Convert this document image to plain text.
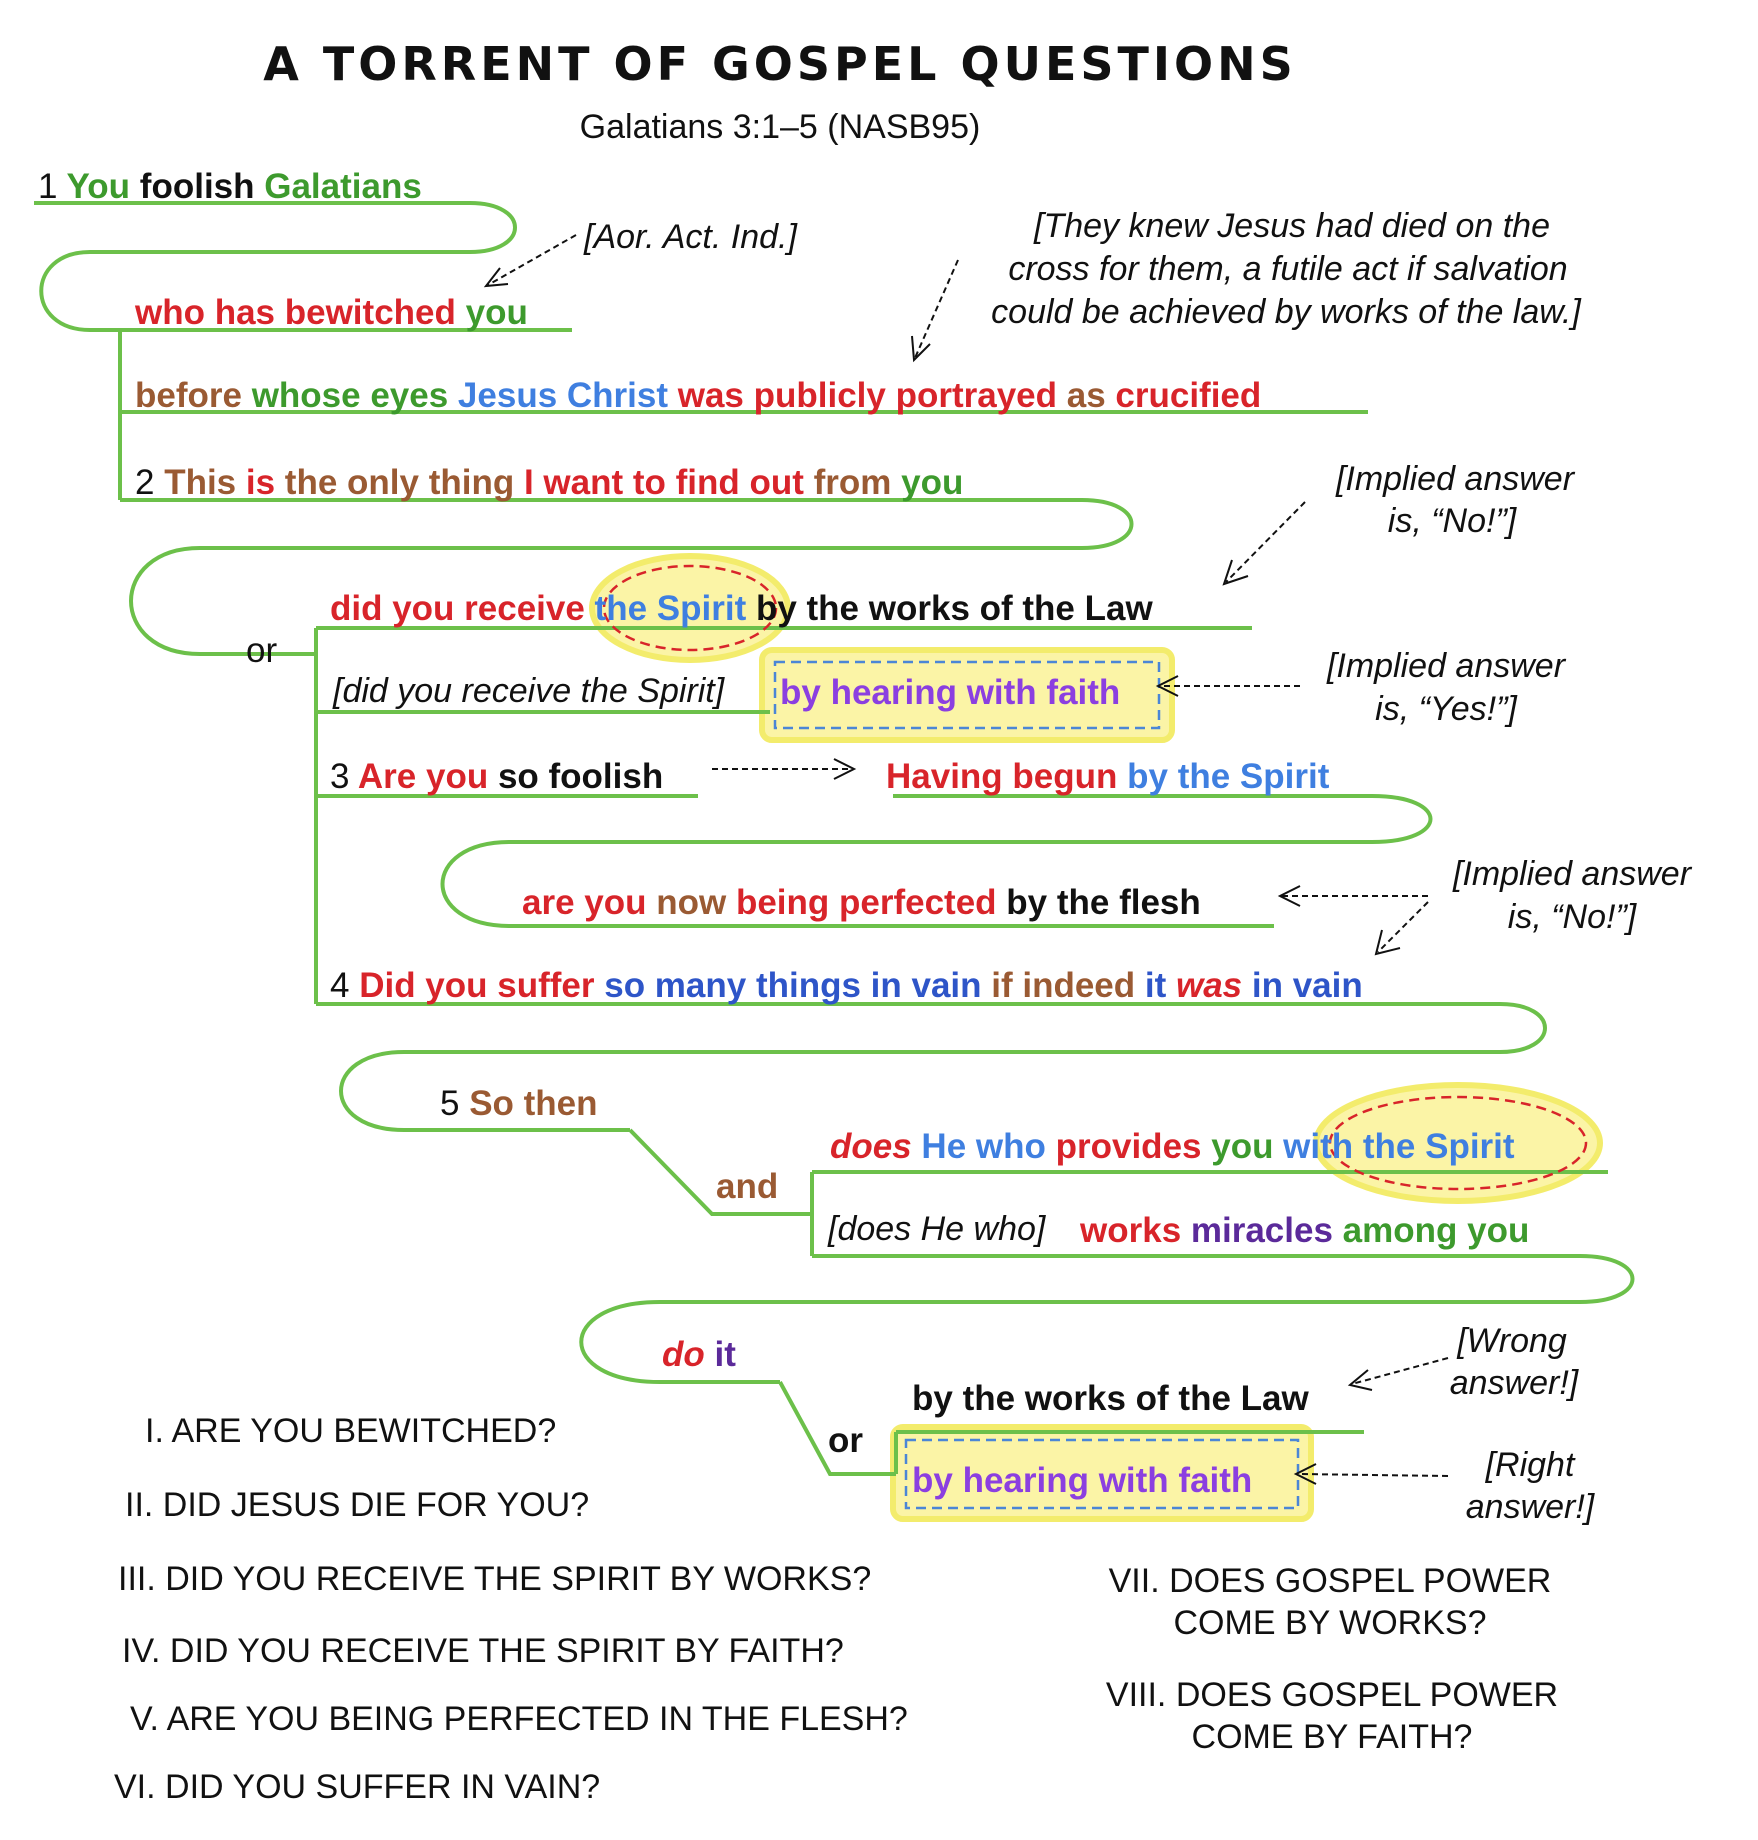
A TORRENT OF GOSPEL QUESTIONS
Galatians 3:1–5 (NASB95)
1 You foolish Galatians
who has bewitched you
before whose eyes Jesus Christ was publicly portrayed as crucified
2 This is the only thing I want to find out from you
or
did you receive the Spirit by the works of the Law
[did you receive the Spirit] by hearing with faith
3 Are you so foolish	Having begun by the Spirit
are you now being perfected by the flesh
4 Did you suffer so many things in vain if indeed it was in vain
5 So then
and
does He who provides you with the Spirit
[does He who] works miracles among you
do it
or
by the works of the Law
by hearing with faith
[Aor. Act. Ind.]	[They knew Jesus had died on the
cross for them, a futile act if salvation
could be achieved by works of the law.]
[Implied answer
is, “No!”]
[Implied answer
is, “Yes!”]
[Implied answer
is, “No!”]
[Wrong
answer!]
[Right
answer!]
I. ARE YOU BEWITCHED?
II. DID JESUS DIE FOR YOU?
III. DID YOU RECEIVE THE SPIRIT BY WORKS?
IV. DID YOU RECEIVE THE SPIRIT BY FAITH?
V. ARE YOU BEING PERFECTED IN THE FLESH?
VI. DID YOU SUFFER IN VAIN?
VII. DOES GOSPEL POWER
COME BY WORKS?
VIII. DOES GOSPEL POWER
COME BY FAITH?
